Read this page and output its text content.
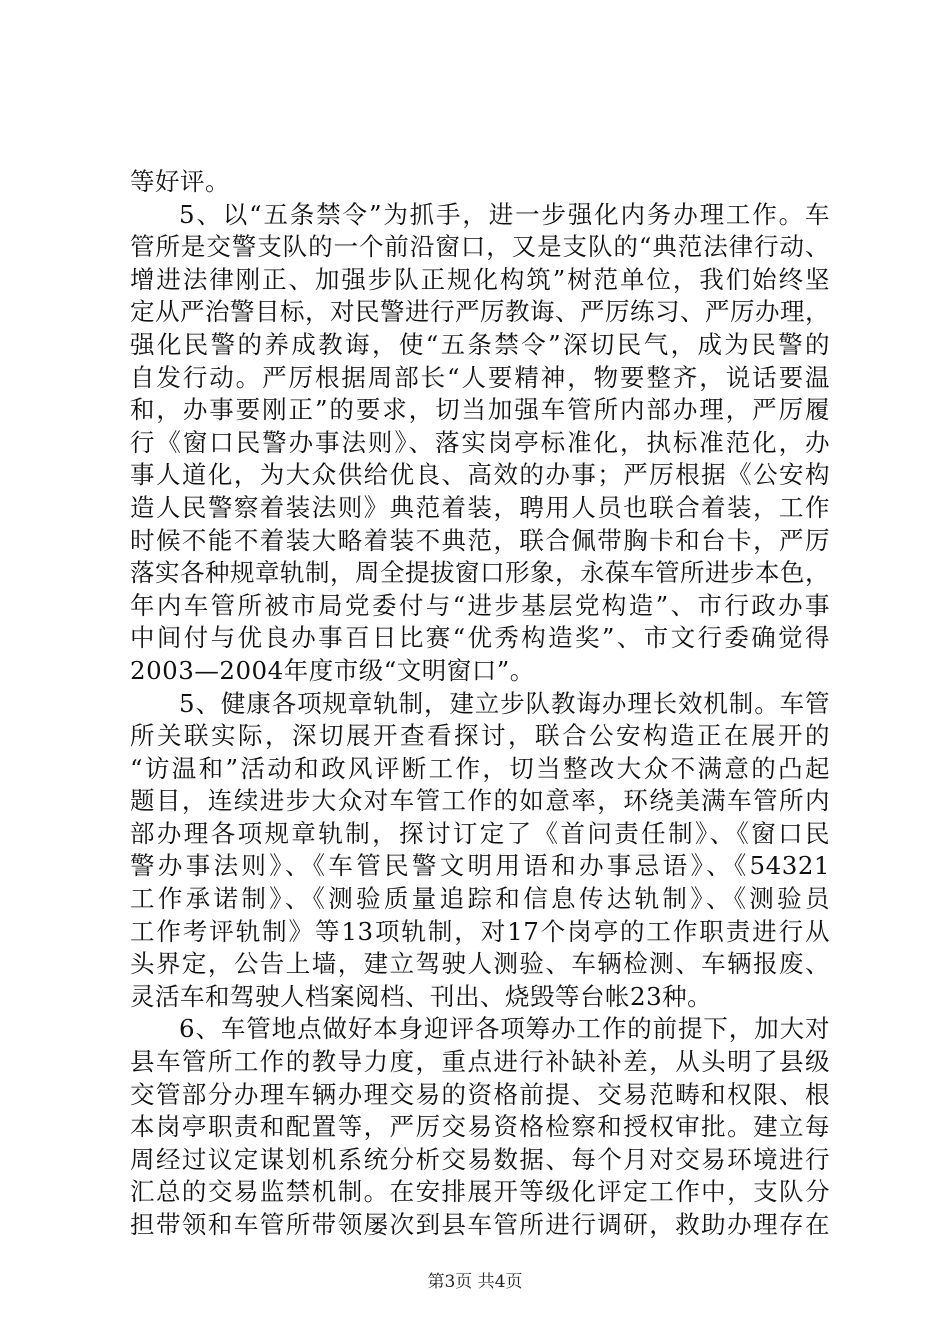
等好评。
5、以“五条禁令”为抓手，进一步强化内务办理工作。车
管所是交警支队的一个前沿窗口，又是支队的“典范法律行动、
增进法律刚正、加强步队正规化构筑”树范单位，我们始终坚
定从严治警目标，对民警进行严厉教诲、严厉练习、严厉办理，
强化民警的养成教诲，使“五条禁令”深切民气，成为民警的
自发行动。严厉根据周部长“人要精神，物要整齐，说话要温
和，办事要刚正”的要求，切当加强车管所内部办理，严厉履
行《窗口民警办事法则》、落实岗亭标准化，执标准范化，办
事人道化，为大众供给优良、高效的办事；严厉根据《公安构
造人民警察着装法则》典范着装，聘用人员也联合着装，工作
时候不能不着装大略着装不典范，联合佩带胸卡和台卡，严厉
落实各种规章轨制，周全提拔窗口形象，永葆车管所进步本色，
年内车管所被市局党委付与“进步基层党构造”、市行政办事
中间付与优良办事百日比赛“优秀构造奖”、市文行委确觉得
2003—2004年度市级“文明窗口”。
5、健康各项规章轨制，建立步队教诲办理长效机制。车管
所关联实际，深切展开查看探讨，联合公安构造正在展开的
“访温和”活动和政风评断工作，切当整改大众不满意的凸起
题目，连续进步大众对车管工作的如意率，环绕美满车管所内
部办理各项规章轨制，探讨订定了《首问责任制》、《窗口民
警办事法则》、《车管民警文明用语和办事忌语》、《54321
工作承诺制》、《测验质量追踪和信息传达轨制》、《测验员
工作考评轨制》等13项轨制，对17个岗亭的工作职责进行从
头界定，公告上墙，建立驾驶人测验、车辆检测、车辆报废、
灵活车和驾驶人档案阅档、刊出、烧毁等台帐23种。
6、车管地点做好本身迎评各项筹办工作的前提下，加大对
县车管所工作的教导力度，重点进行补缺补差，从头明了县级
交管部分办理车辆办理交易的资格前提、交易范畴和权限、根
本岗亭职责和配置等，严厉交易资格检察和授权审批。建立每
周经过议定谋划机系统分析交易数据、每个月对交易环境进行
汇总的交易监禁机制。在安排展开等级化评定工作中，支队分
担带领和车管所带领屡次到县车管所进行调研，救助办理存在
第3页 共4页
